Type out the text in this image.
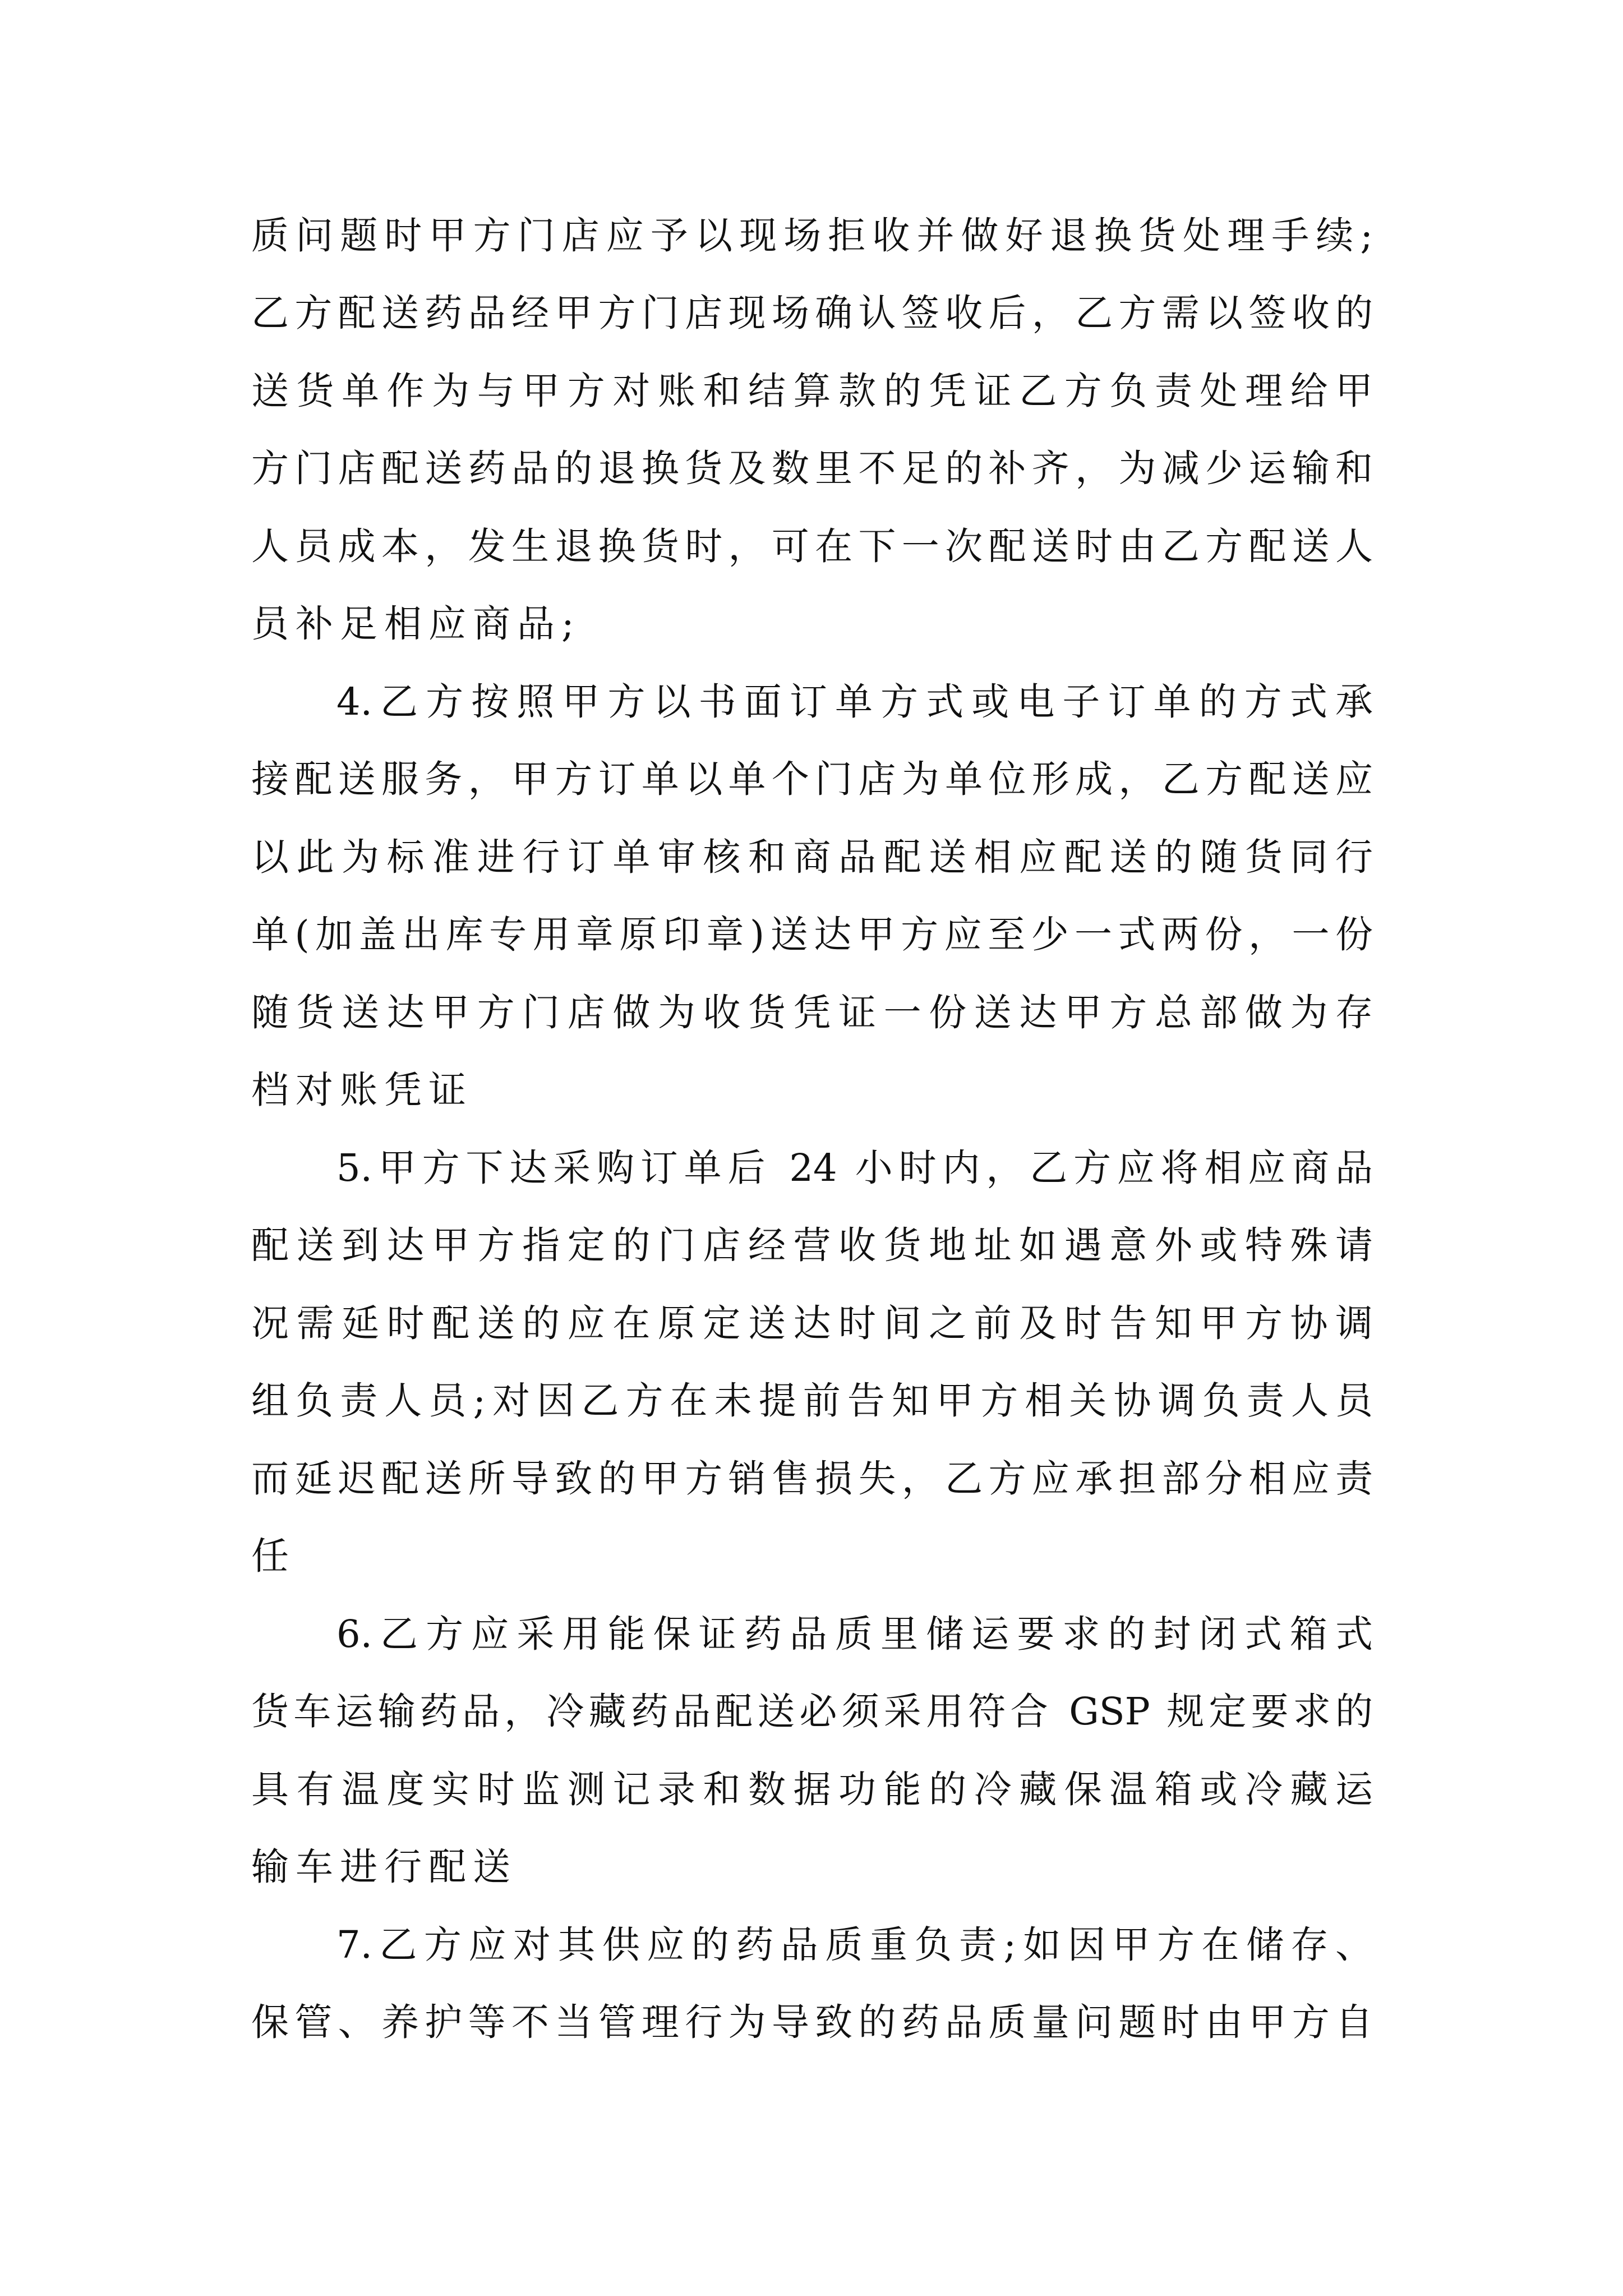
质问题时甲方门店应予以现场拒收并做好退换货处理手续;
乙方配送药品经甲方门店现场确认签收后，乙方需以签收的
送货单作为与甲方对账和结算款的凭证乙方负责处理给甲
方门店配送药品的退换货及数里不足的补齐，为减少运输和
人员成本，发生退换货时，可在下一次配送时由乙方配送人
员补足相应商品;
4.乙方按照甲方以书面订单方式或电子订单的方式承
接配送服务，甲方订单以单个门店为单位形成，乙方配送应
以此为标准进行订单审核和商品配送相应配送的随货同行
单(加盖出库专用章原印章)送达甲方应至少一式两份，一份
随货送达甲方门店做为收货凭证一份送达甲方总部做为存
档对账凭证
5.甲方下达采购订单后 24 小时内，乙方应将相应商品
配送到达甲方指定的门店经营收货地址如遇意外或特殊请
况需延时配送的应在原定送达时间之前及时告知甲方协调
组负责人员;对因乙方在未提前告知甲方相关协调负责人员
而延迟配送所导致的甲方销售损失，乙方应承担部分相应责
任
6.乙方应采用能保证药品质里储运要求的封闭式箱式
货车运输药品，冷藏药品配送必须采用符合 GSP 规定要求的
具有温度实时监测记录和数据功能的冷藏保温箱或冷藏运
输车进行配送
7.乙方应对其供应的药品质重负责;如因甲方在储存、
保管、养护等不当管理行为导致的药品质量问题时由甲方自
